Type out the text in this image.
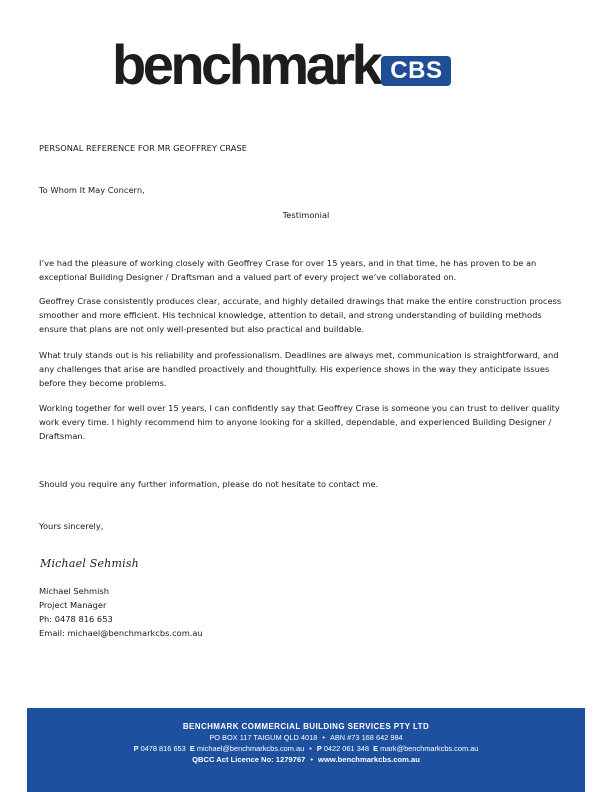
benchmark CBS

PERSONAL REFERENCE FOR MR GEOFFREY CRASE

To Whom It May Concern,

Testimonial

I’ve had the pleasure of working closely with Geoffrey Crase for over 15 years, and in that time, he has proven to be an exceptional Building Designer / Draftsman and a valued part of every project we’ve collaborated on.

Geoffrey Crase consistently produces clear, accurate, and highly detailed drawings that make the entire construction process smoother and more efficient. His technical knowledge, attention to detail, and strong understanding of building methods ensure that plans are not only well-presented but also practical and buildable.

What truly stands out is his reliability and professionalism. Deadlines are always met, communication is straightforward, and any challenges that arise are handled proactively and thoughtfully. His experience shows in the way they anticipate issues before they become problems.

Working together for well over 15 years, I can confidently say that Geoffrey Crase is someone you can trust to deliver quality work every time. I highly recommend him to anyone looking for a skilled, dependable, and experienced Building Designer / Draftsman.

Should you require any further information, please do not hesitate to contact me.

Yours sincerely,

Michael Sehmish

Michael Sehmish

Project Manager

Ph: 0478 816 653

Email: michael@benchmarkcbs.com.au

BENCHMARK COMMERCIAL BUILDING SERVICES PTY LTD
PO BOX 117 TAIGUM QLD 4018 • ABN #73 168 642 984
P 0478 816 653 E michael@benchmarkcbs.com.au • P 0422 061 348 E mark@benchmarkcbs.com.au
QBCC Act Licence No: 1279767 • www.benchmarkcbs.com.au
